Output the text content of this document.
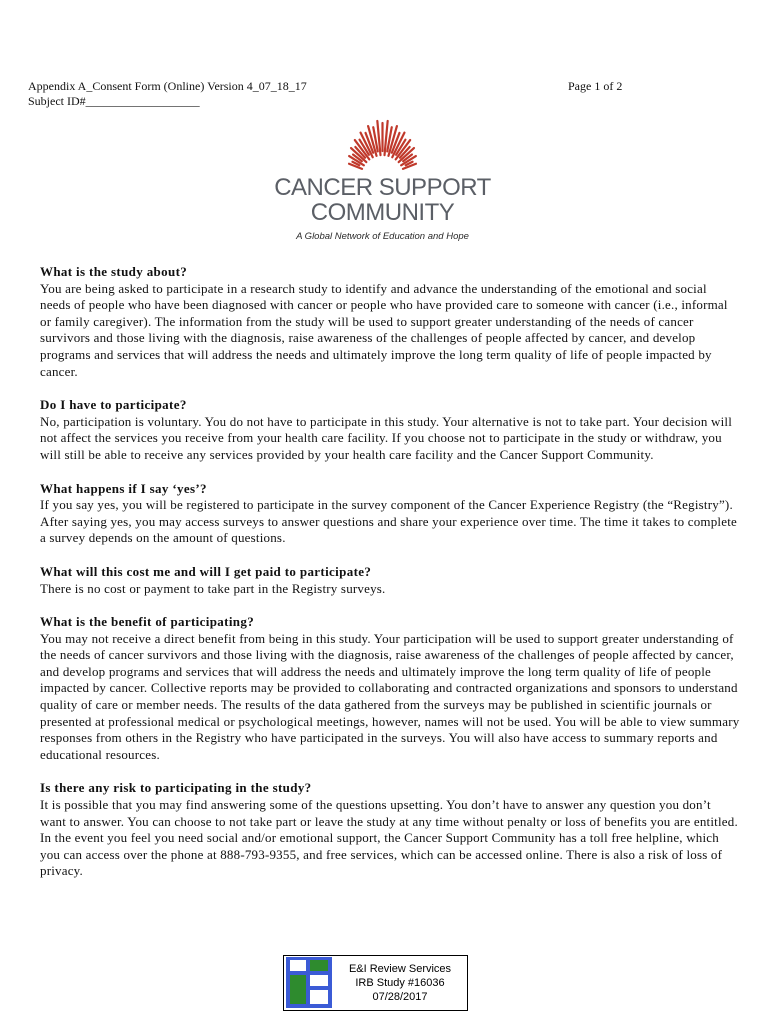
Appendix A_Consent Form (Online) Version 4_07_18_17
Subject ID#___________________
Page 1 of 2
CANCER SUPPORT
COMMUNITY
A Global Network of Education and Hope

What is the study about?

You are being asked to participate in a research study to identify and advance the understanding of the emotional and social needs of people who have been diagnosed with cancer or people who have provided care to someone with cancer (i.e., informal or family caregiver). The information from the study will be used to support greater understanding of the needs of cancer survivors and those living with the diagnosis, raise awareness of the challenges of people affected by cancer, and develop programs and services that will address the needs and ultimately improve the long term quality of life of people impacted by cancer.

Do I have to participate?

No, participation is voluntary. You do not have to participate in this study. Your alternative is not to take part. Your decision will not affect the services you receive from your health care facility. If you choose not to participate in the study or withdraw, you will still be able to receive any services provided by your health care facility and the Cancer Support Community.

What happens if I say ‘yes’?

If you say yes, you will be registered to participate in the survey component of the Cancer Experience Registry (the “Registry”). After saying yes, you may access surveys to answer questions and share your experience over time. The time it takes to complete a survey depends on the amount of questions.

What will this cost me and will I get paid to participate?

There is no cost or payment to take part in the Registry surveys.

What is the benefit of participating?

You may not receive a direct benefit from being in this study. Your participation will be used to support greater understanding of the needs of cancer survivors and those living with the diagnosis, raise awareness of the challenges of people affected by cancer, and develop programs and services that will address the needs and ultimately improve the long term quality of life of people impacted by cancer. Collective reports may be provided to collaborating and contracted organizations and sponsors to understand quality of care or member needs. The results of the data gathered from the surveys may be published in scientific journals or presented at professional medical or psychological meetings, however, names will not be used. You will be able to view summary responses from others in the Registry who have participated in the surveys. You will also have access to summary reports and educational resources.

Is there any risk to participating in the study?

It is possible that you may find answering some of the questions upsetting. You don’t have to answer any question you don’t want to answer. You can choose to not take part or leave the study at any time without penalty or loss of benefits you are entitled. In the event you feel you need social and/or emotional support, the Cancer Support Community has a toll free helpline, which you can access over the phone at 888-793-9355, and free services, which can be accessed online. There is also a risk of loss of privacy.

E&I Review Services
IRB Study #16036
07/28/2017
